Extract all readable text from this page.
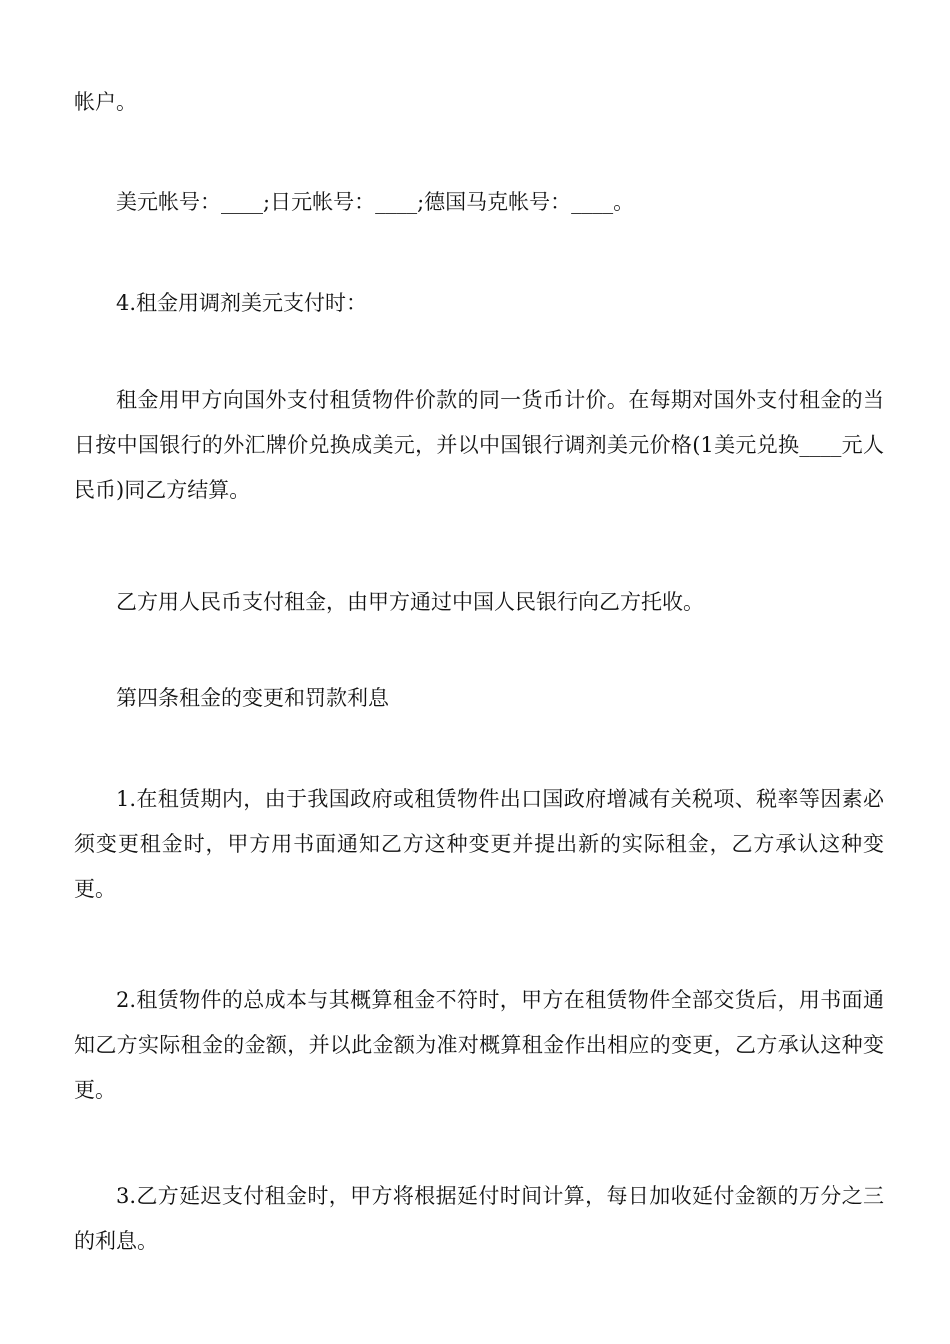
帐户。

美元帐号：____;日元帐号：____;德国马克帐号：____。

4.租金用调剂美元支付时：

租金用甲方向国外支付租赁物件价款的同一货币计价。在每期对国外支付租金的当日按中国银行的外汇牌价兑换成美元，并以中国银行调剂美元价格(1美元兑换____元人民币)同乙方结算。

乙方用人民币支付租金，由甲方通过中国人民银行向乙方托收。

第四条租金的变更和罚款利息

1.在租赁期内，由于我国政府或租赁物件出口国政府增减有关税项、税率等因素必须变更租金时，甲方用书面通知乙方这种变更并提出新的实际租金，乙方承认这种变更。

2.租赁物件的总成本与其概算租金不符时，甲方在租赁物件全部交货后，用书面通知乙方实际租金的金额，并以此金额为准对概算租金作出相应的变更，乙方承认这种变更。

3.乙方延迟支付租金时，甲方将根据延付时间计算，每日加收延付金额的万分之三的利息。
